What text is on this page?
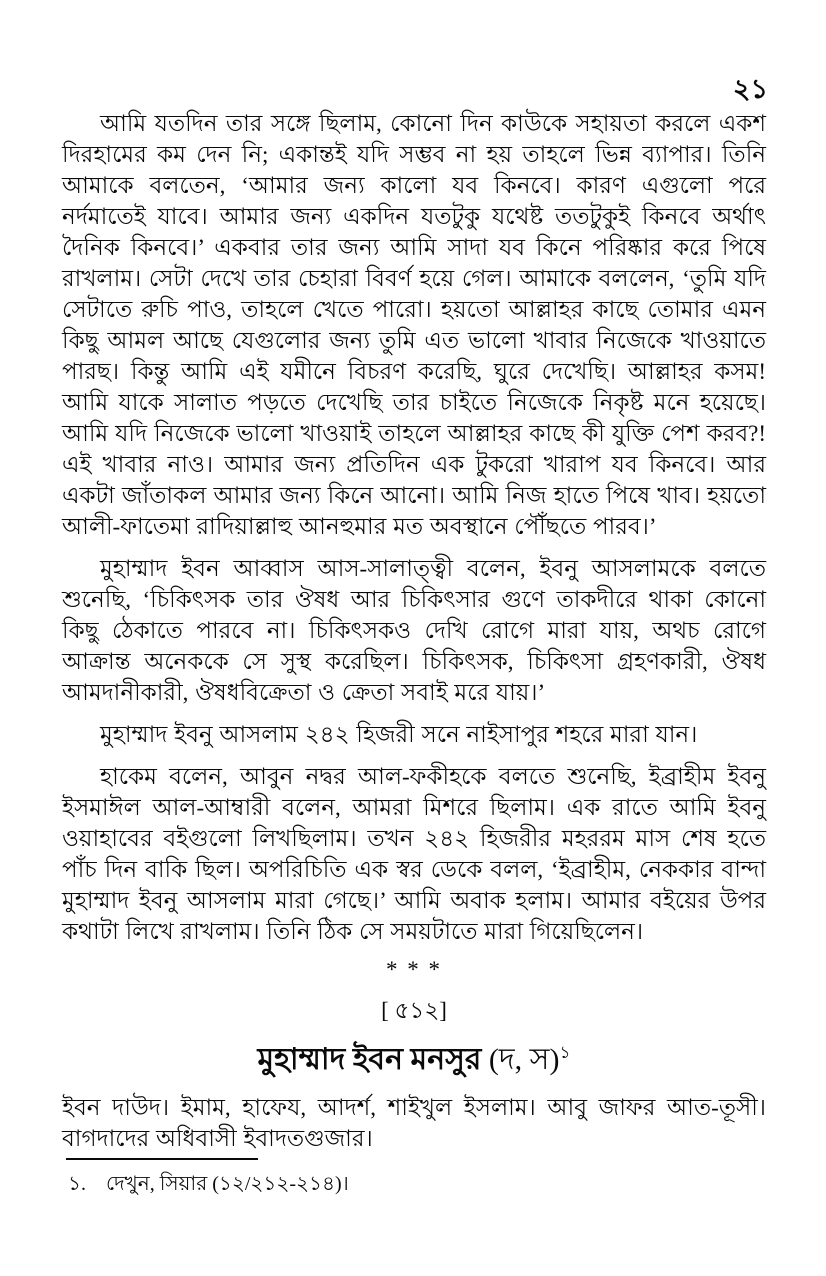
২১

আমি যতদিন তার সঙ্গে ছিলাম, কোনো দিন কাউকে সহায়তা করলে একশ দিরহামের কম দেন নি; একান্তই যদি সম্ভব না হয় তাহলে ভিন্ন ব্যাপার। তিনি আমাকে বলতেন, ‘আমার জন্য কালো যব কিনবে। কারণ এগুলো পরে নর্দমাতেই যাবে। আমার জন্য একদিন যতটুকু যথেষ্ট ততটুকুই কিনবে অর্থাৎ দৈনিক কিনবে।’ একবার তার জন্য আমি সাদা যব কিনে পরিষ্কার করে পিষে রাখলাম। সেটা দেখে তার চেহারা বিবর্ণ হয়ে গেল। আমাকে বললেন, ‘তুমি যদি সেটাতে রুচি পাও, তাহলে খেতে পারো। হয়তো আল্লাহর কাছে তোমার এমন কিছু আমল আছে যেগুলোর জন্য তুমি এত ভালো খাবার নিজেকে খাওয়াতে পারছ। কিন্তু আমি এই যমীনে বিচরণ করেছি, ঘুরে দেখেছি। আল্লাহর কসম! আমি যাকে সালাত পড়তে দেখেছি তার চাইতে নিজেকে নিকৃষ্ট মনে হয়েছে। আমি যদি নিজেকে ভালো খাওয়াই তাহলে আল্লাহর কাছে কী যুক্তি পেশ করব?! এই খাবার নাও। আমার জন্য প্রতিদিন এক টুকরো খারাপ যব কিনবে। আর একটা জাঁতাকল আমার জন্য কিনে আনো। আমি নিজ হাতে পিষে খাব। হয়তো আলী-ফাতেমা রাদিয়াল্লাহু আনহুমার মত অবস্থানে পৌঁছতে পারব।’

মুহাম্মাদ ইবন আব্বাস আস-সালাত্ত্বী বলেন, ইবনু আসলামকে বলতে শুনেছি, ‘চিকিৎসক তার ঔষধ আর চিকিৎসার গুণে তাকদীরে থাকা কোনো কিছু ঠেকাতে পারবে না। চিকিৎসকও দেখি রোগে মারা যায়, অথচ রোগে আক্রান্ত অনেককে সে সুস্থ করেছিল। চিকিৎসক, চিকিৎসা গ্রহণকারী, ঔষধ আমদানীকারী, ঔষধবিক্রেতা ও ক্রেতা সবাই মরে যায়।’

মুহাম্মাদ ইবনু আসলাম ২৪২ হিজরী সনে নাইসাপুর শহরে মারা যান।

হাকেম বলেন, আবুন নদ্বর আল-ফকীহকে বলতে শুনেছি, ইব্রাহীম ইবনু ইসমাঈল আল-আম্বারী বলেন, আমরা মিশরে ছিলাম। এক রাতে আমি ইবনু ওয়াহাবের বইগুলো লিখছিলাম। তখন ২৪২ হিজরীর মহররম মাস শেষ হতে পাঁচ দিন বাকি ছিল। অপরিচিতি এক স্বর ডেকে বলল, ‘ইব্রাহীম, নেককার বান্দা মুহাম্মাদ ইবনু আসলাম মারা গেছে।’ আমি অবাক হলাম। আমার বইয়ের উপর কথাটা লিখে রাখলাম। তিনি ঠিক সে সময়টাতে মারা গিয়েছিলেন।

* * *
[ ৫১২]
মুহাম্মাদ ইবন মনসুর (দ, স)$^১$

ইবন দাউদ। ইমাম, হাফেয, আদর্শ, শাইখুল ইসলাম। আবু জাফর আত-তূসী। বাগদাদের অধিবাসী ইবাদতগুজার।

১.	দেখুন, সিয়ার (১২/২১২-২১৪)।
